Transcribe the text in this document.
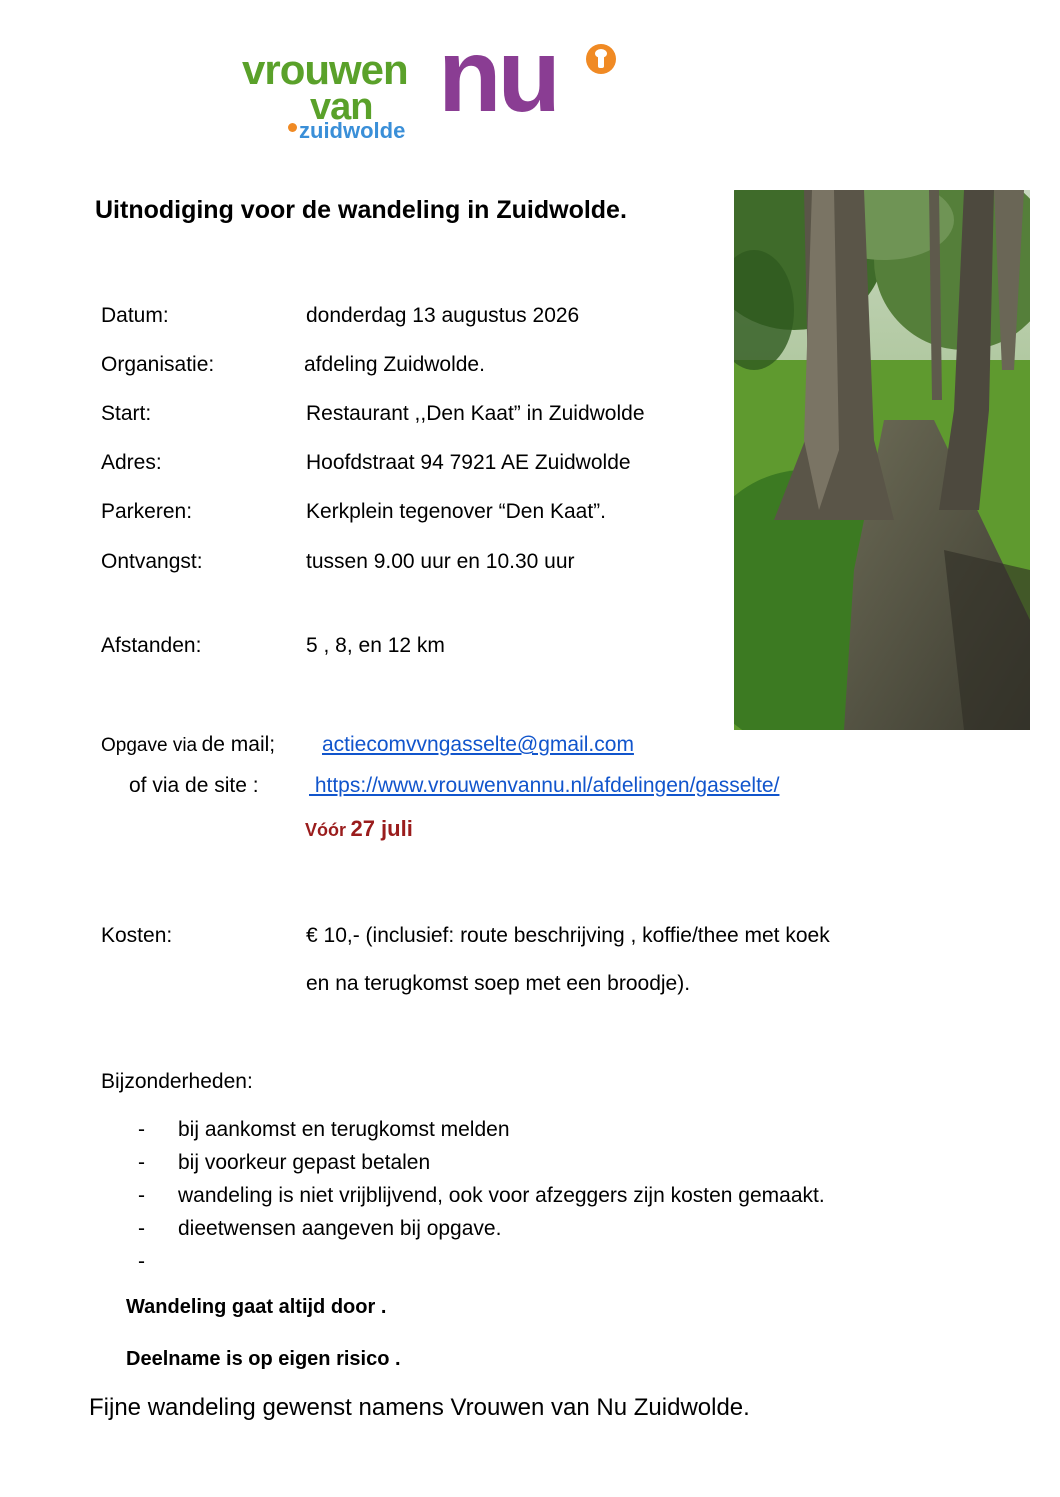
vrouwen
van nu
zuidwolde
Uitnodiging voor de wandeling in Zuidwolde.
Datum:	donderdag 13 augustus 2026
Organisatie:	afdeling Zuidwolde.
Start:	Restaurant ,,Den Kaat” in Zuidwolde
Adres:	Hoofdstraat 94 7921 AE Zuidwolde
Parkeren:	Kerkplein tegenover “Den Kaat”.
Ontvangst:	tussen 9.00 uur en 10.30 uur
Afstanden:	5 , 8, en 12 km
Opgave via de mail; actiecomvvngasselte@gmail.com
of via de site : https://www.vrouwenvannu.nl/afdelingen/gasselte/
Vóór 27 juli
Kosten:	€ 10,- (inclusief: route beschrijving , koffie/thee met koek
en na terugkomst soep met een broodje).
Bijzonderheden:
- bij aankomst en terugkomst melden
- bij voorkeur gepast betalen
- wandeling is niet vrijblijvend, ook voor afzeggers zijn kosten gemaakt.
- dieetwensen aangeven bij opgave.
-
Wandeling gaat altijd door .
Deelname is op eigen risico .
Fijne wandeling gewenst namens Vrouwen van Nu Zuidwolde.
